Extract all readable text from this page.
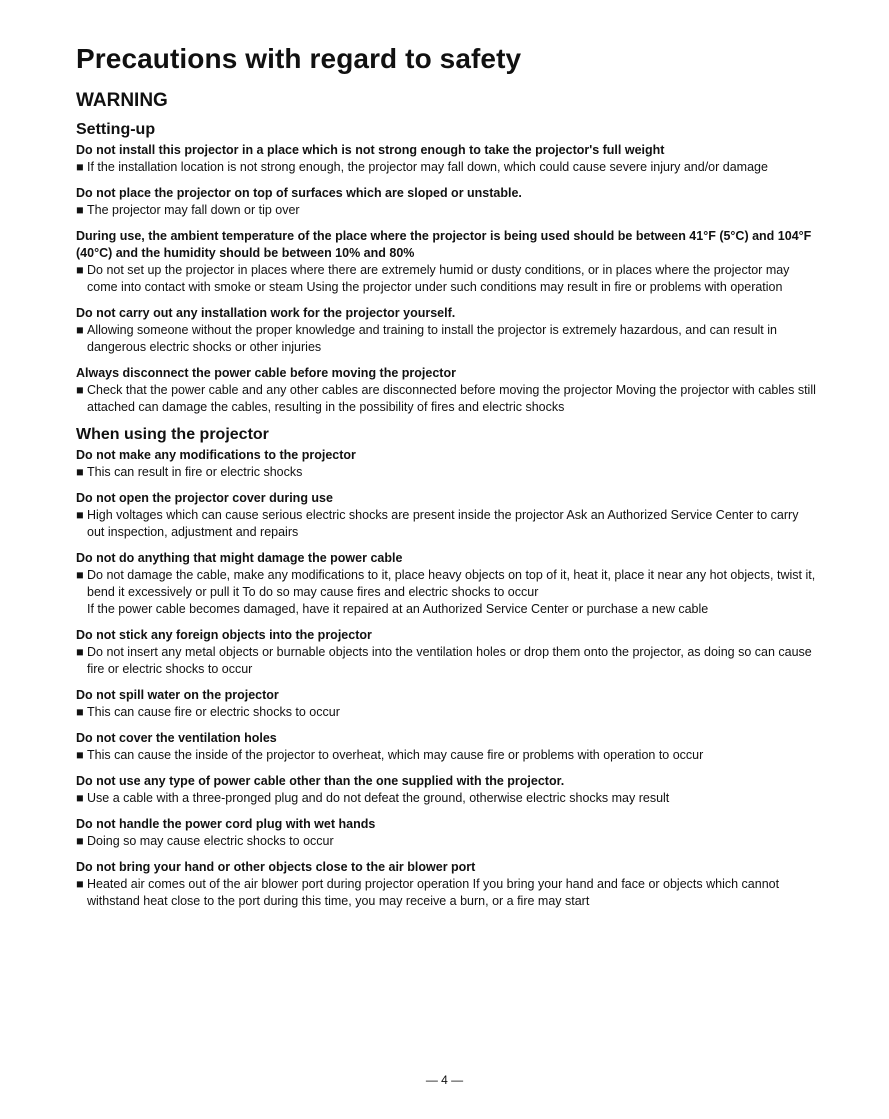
Precautions with regard to safety
WARNING
Setting-up

Do not install this projector in a place which is not strong enough to take the projector's full weight

■ If the installation location is not strong enough, the projector may fall down, which could cause severe injury and/or damage

Do not place the projector on top of surfaces which are sloped or unstable.

■ The projector may fall down or tip over

During use, the ambient temperature of the place where the projector is being used should be between 41°F (5°C) and 104°F (40°C) and the humidity should be between 10% and 80%

■ Do not set up the projector in places where there are extremely humid or dusty conditions, or in places where the projector may come into contact with smoke or steam Using the projector under such conditions may result in fire or problems with operation

Do not carry out any installation work for the projector yourself.

■ Allowing someone without the proper knowledge and training to install the projector is extremely hazardous, and can result in dangerous electric shocks or other injuries

Always disconnect the power cable before moving the projector

■ Check that the power cable and any other cables are disconnected before moving the projector Moving the projector with cables still attached can damage the cables, resulting in the possibility of fires and electric shocks

When using the projector

Do not make any modifications to the projector

■ This can result in fire or electric shocks

Do not open the projector cover during use

■ High voltages which can cause serious electric shocks are present inside the projector Ask an Authorized Service Center to carry out inspection, adjustment and repairs

Do not do anything that might damage the power cable

■ Do not damage the cable, make any modifications to it, place heavy objects on top of it, heat it, place it near any hot objects, twist it, bend it excessively or pull it To do so may cause fires and electric shocks to occur

If the power cable becomes damaged, have it repaired at an Authorized Service Center or purchase a new cable

Do not stick any foreign objects into the projector

■ Do not insert any metal objects or burnable objects into the ventilation holes or drop them onto the projector, as doing so can cause fire or electric shocks to occur

Do not spill water on the projector

■ This can cause fire or electric shocks to occur

Do not cover the ventilation holes

■ This can cause the inside of the projector to overheat, which may cause fire or problems with operation to occur

Do not use any type of power cable other than the one supplied with the projector.

■ Use a cable with a three-pronged plug and do not defeat the ground, otherwise electric shocks may result

Do not handle the power cord plug with wet hands

■ Doing so may cause electric shocks to occur

Do not bring your hand or other objects close to the air blower port

■ Heated air comes out of the air blower port during projector operation If you bring your hand and face or objects which cannot withstand heat close to the port during this time, you may receive a burn, or a fire may start

— 4 —
